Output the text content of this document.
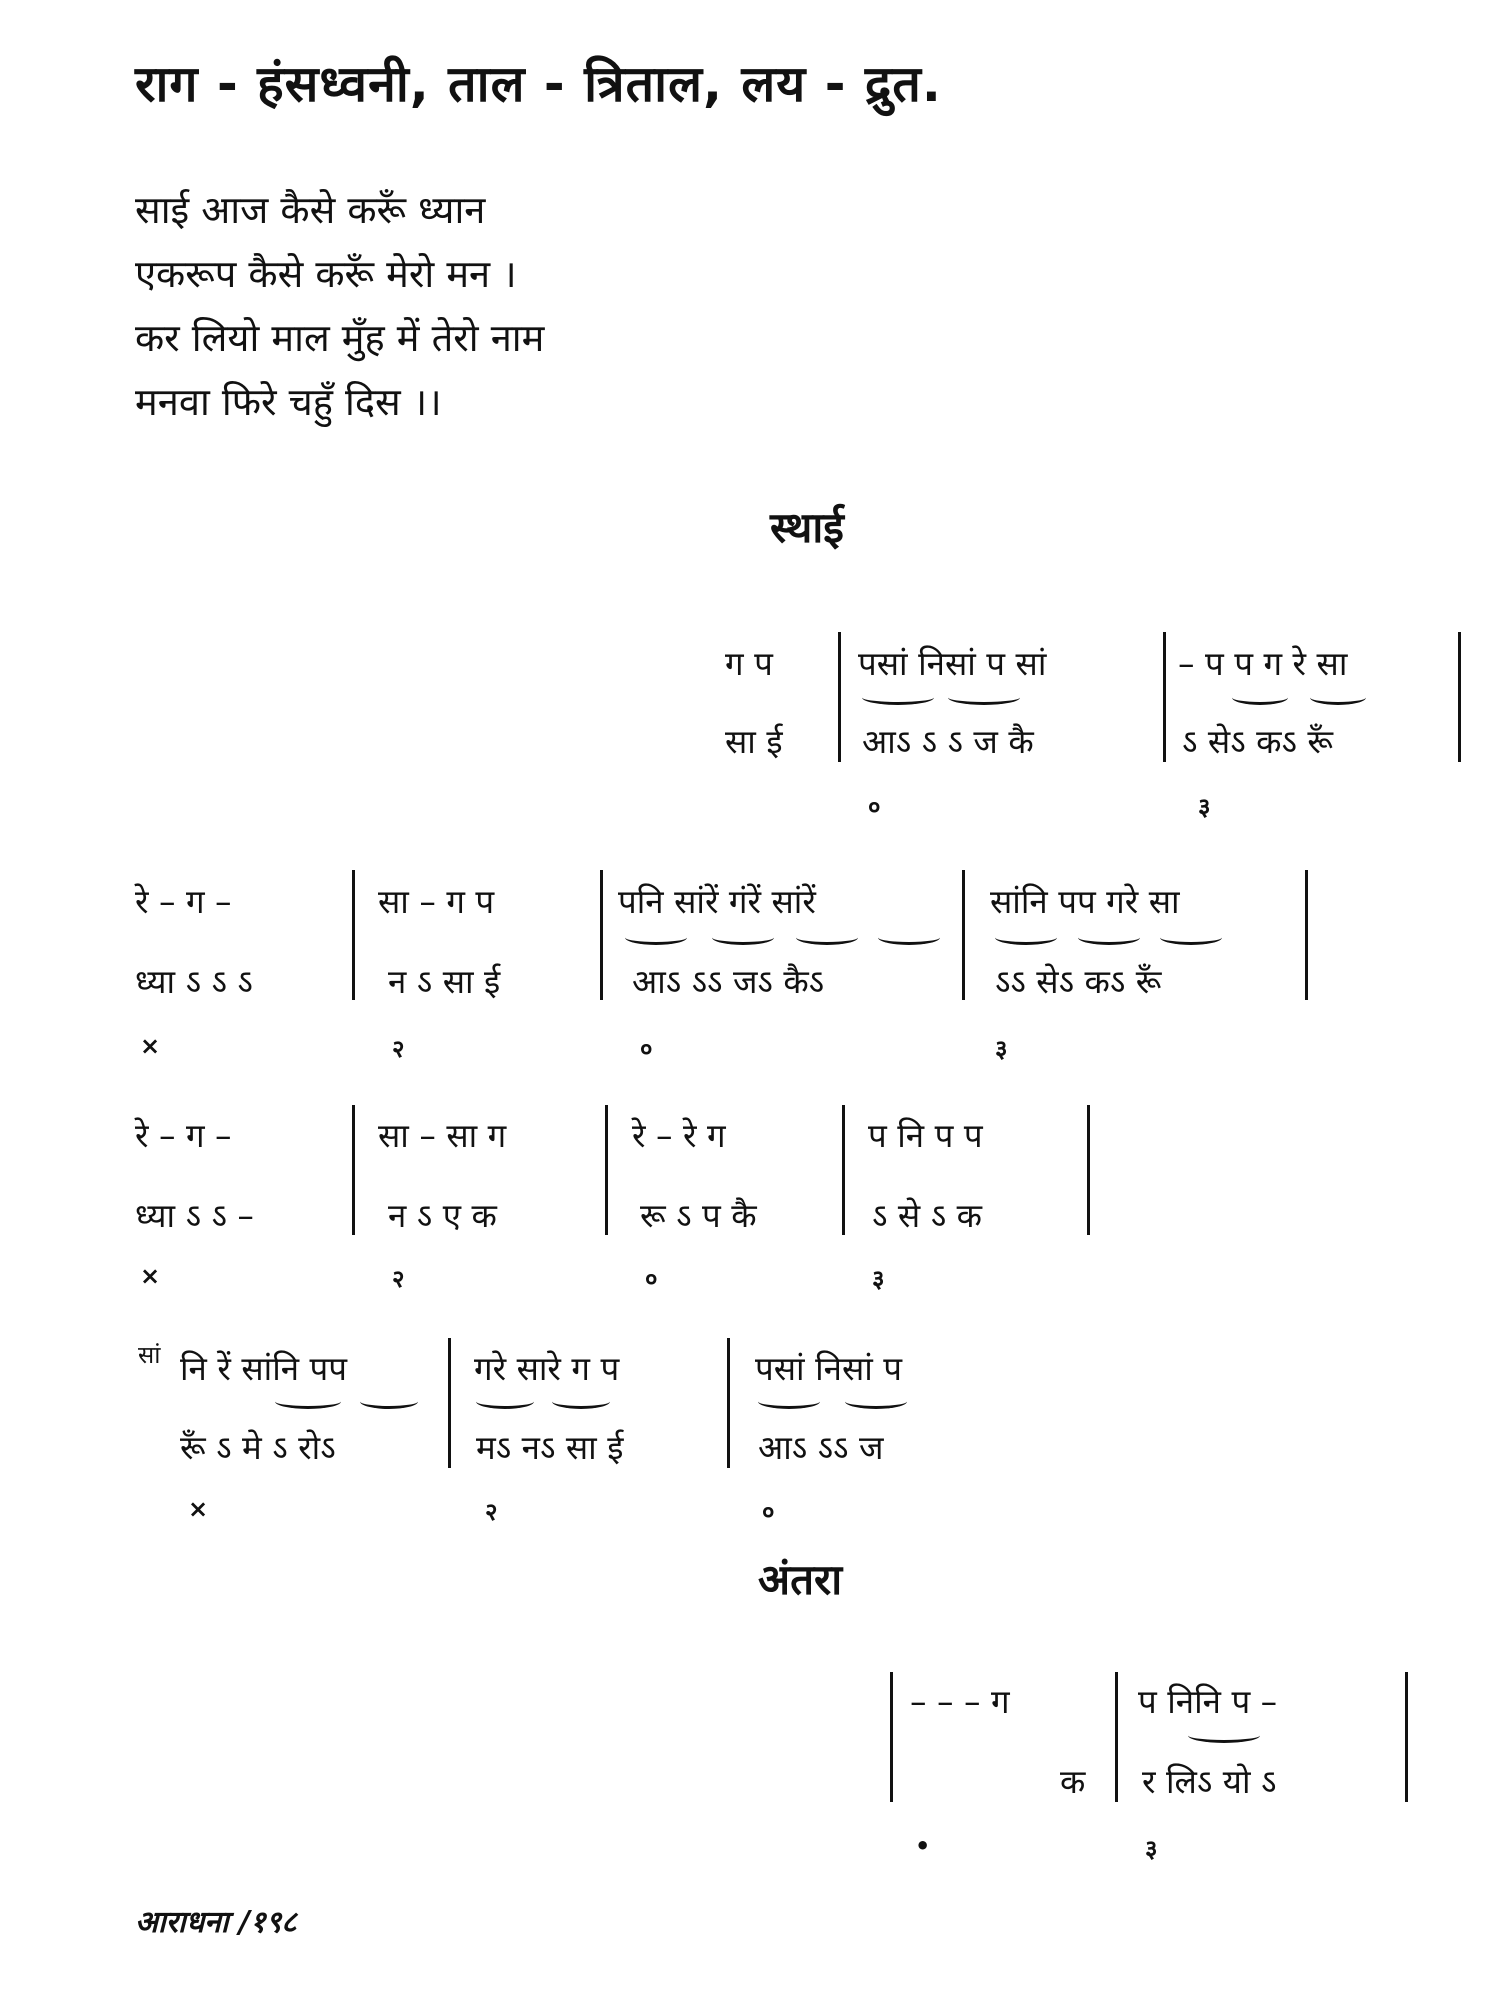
राग - हंसध्वनी, ताल - त्रिताल, लय - द्रुत.
साई आज कैसे करूँ ध्यान
एकरूप कैसे करूँ मेरो मन ।
कर लियो माल मुँह में तेरो नाम
मनवा फिरे चहुँ दिस ।।
स्थाई
ग प
सा ई
पसां निसां प सां
आऽ ऽ ऽ ज कै
०
– प प ग रे सा
ऽ सेऽ कऽ रूँ
३
रे – ग –
ध्या ऽ ऽ ऽ
×
सा – ग प
न ऽ सा ई
२
पनि सांरें गंरें सांरें
आऽ ऽऽ जऽ कैऽ
०
सांनि पप गरे सा
ऽऽ सेऽ कऽ रूँ
३
रे – ग –
ध्या ऽ ऽ –
×
सा – सा ग
न ऽ ए क
२
रे – रे ग
रू ऽ प कै
०
प नि प प
ऽ से ऽ क
३
सां नि रें सांनि पप
रूँ ऽ मे ऽ रोऽ
×
गरे सारे ग प
मऽ नऽ सा ई
२
पसां निसां प
आऽ ऽऽ ज
०
अंतरा
– – – ग
क
•
प निनि प –
र लिऽ यो ऽ
३
आराधना /१९८
